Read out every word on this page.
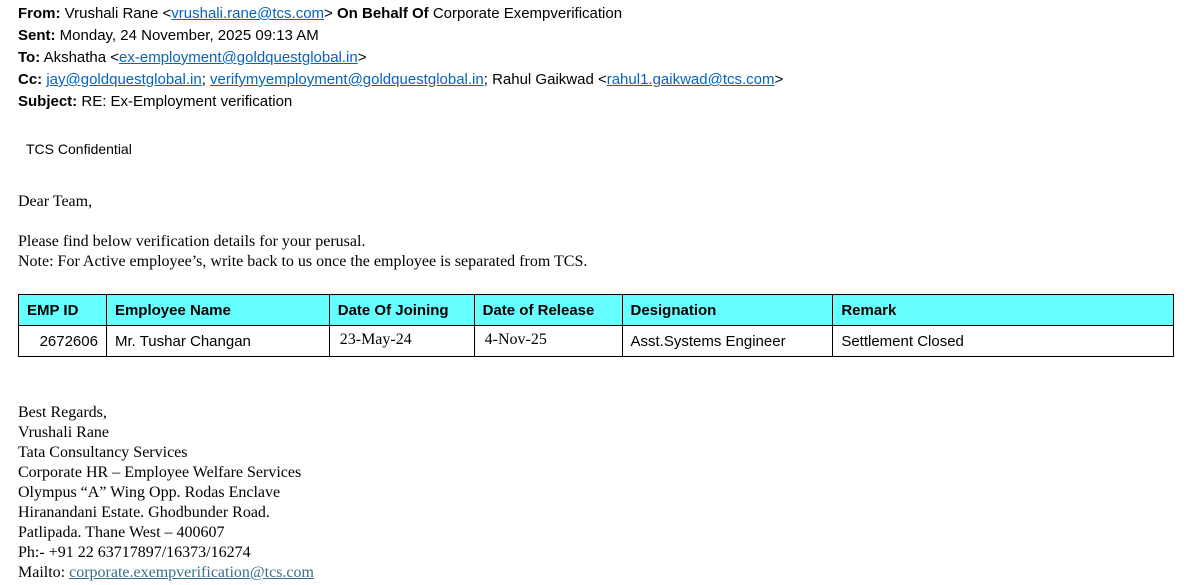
From: Vrushali Rane <vrushali.rane@tcs.com> On Behalf Of Corporate Exempverification
Sent: Monday, 24 November, 2025 09:13 AM
To: Akshatha <ex-employment@goldquestglobal.in>
Cc: jay@goldquestglobal.in; verifymyemployment@goldquestglobal.in; Rahul Gaikwad <rahul1.gaikwad@tcs.com>
Subject: RE: Ex-Employment verification
TCS Confidential
Dear Team,
Please find below verification details for your perusal.
Note: For Active employee’s, write back to us once the employee is separated from TCS.
EMP ID	Employee Name	Date Of Joining	Date of Release	Designation	Remark
2672606	Mr. Tushar Changan	23-May-24	4-Nov-25	Asst.Systems Engineer	Settlement Closed
Best Regards,
Vrushali Rane
Tata Consultancy Services
Corporate HR – Employee Welfare Services
Olympus “A” Wing Opp. Rodas Enclave
Hiranandani Estate. Ghodbunder Road.
Patlipada. Thane West – 400607
Ph:- +91 22 63717897/16373/16274
Mailto: corporate.exempverification@tcs.com
